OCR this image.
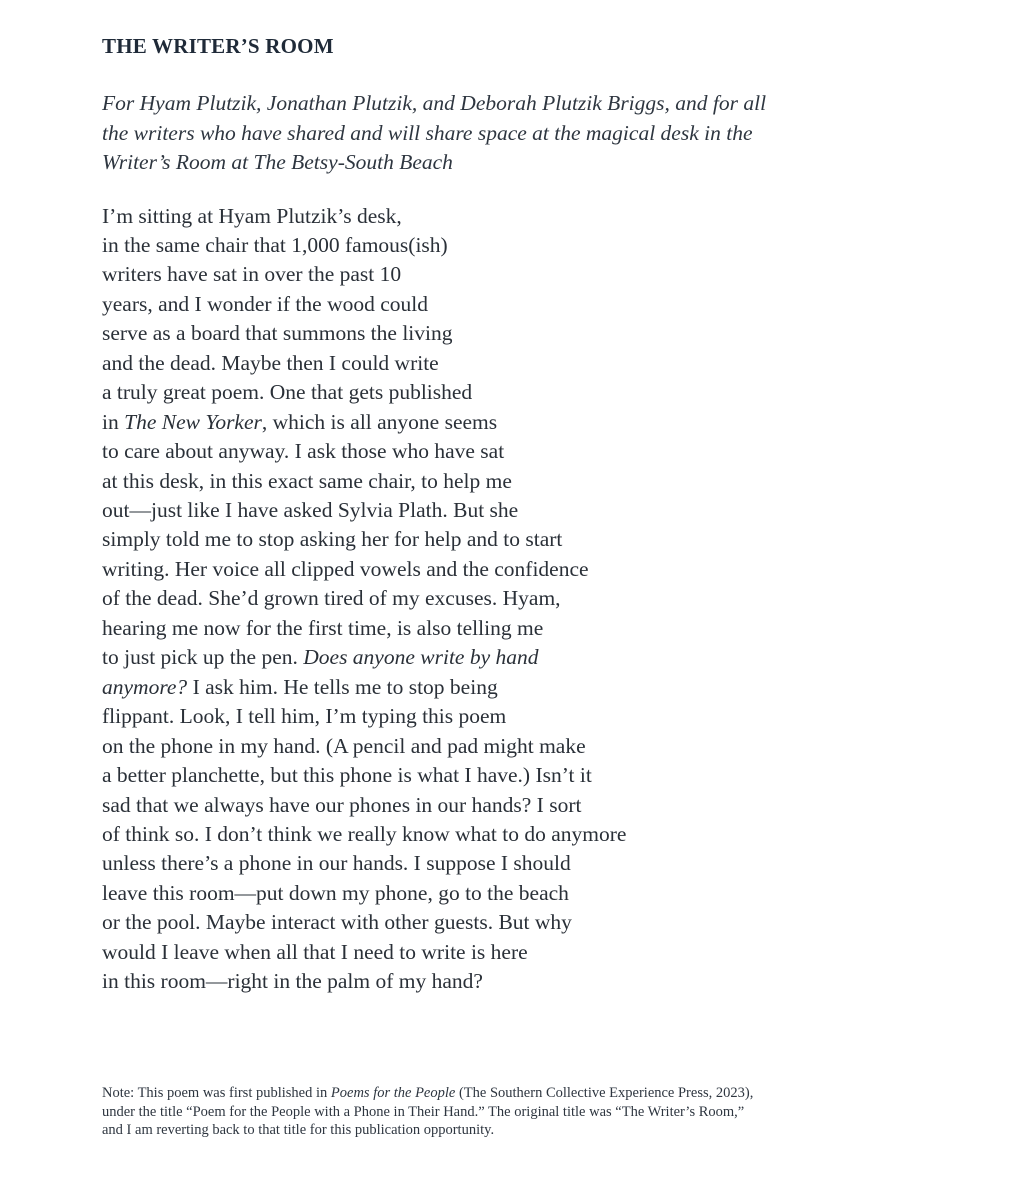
THE WRITER’S ROOM
For Hyam Plutzik, Jonathan Plutzik, and Deborah Plutzik Briggs, and for all
the writers who have shared and will share space at the magical desk in the
Writer’s Room at The Betsy-South Beach
I’m sitting at Hyam Plutzik’s desk,
in the same chair that 1,000 famous(ish)
writers have sat in over the past 10
years, and I wonder if the wood could
serve as a board that summons the living
and the dead. Maybe then I could write
a truly great poem. One that gets published
in The New Yorker, which is all anyone seems
to care about anyway. I ask those who have sat
at this desk, in this exact same chair, to help me
out—just like I have asked Sylvia Plath. But she
simply told me to stop asking her for help and to start
writing. Her voice all clipped vowels and the confidence
of the dead. She’d grown tired of my excuses. Hyam,
hearing me now for the first time, is also telling me
to just pick up the pen. Does anyone write by hand
anymore? I ask him. He tells me to stop being
flippant. Look, I tell him, I’m typing this poem
on the phone in my hand. (A pencil and pad might make
a better planchette, but this phone is what I have.) Isn’t it
sad that we always have our phones in our hands? I sort
of think so. I don’t think we really know what to do anymore
unless there’s a phone in our hands. I suppose I should
leave this room—put down my phone, go to the beach
or the pool. Maybe interact with other guests. But why
would I leave when all that I need to write is here
in this room—right in the palm of my hand?
Note: This poem was first published in Poems for the People (The Southern Collective Experience Press, 2023),
under the title “Poem for the People with a Phone in Their Hand.” The original title was “The Writer’s Room,”
and I am reverting back to that title for this publication opportunity.
